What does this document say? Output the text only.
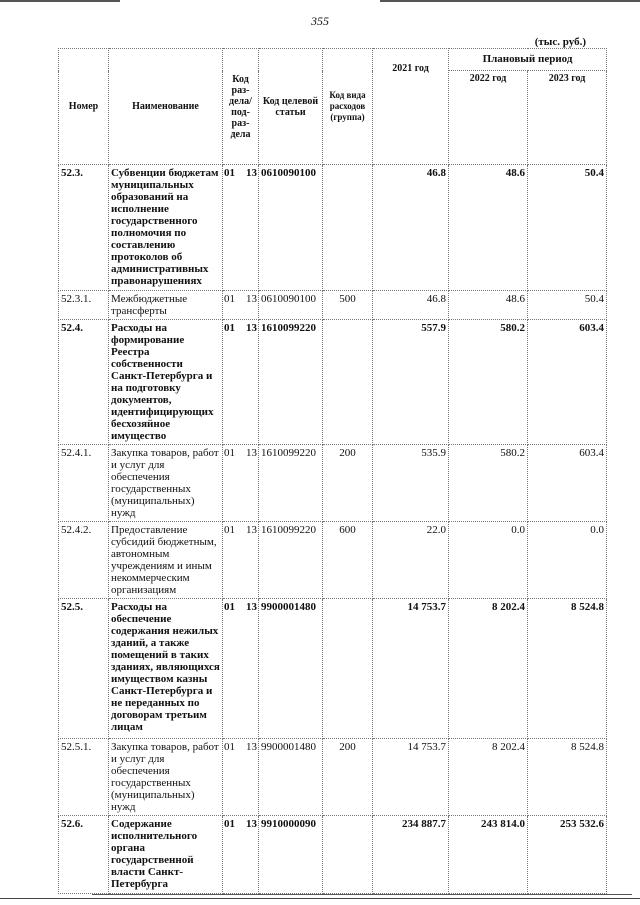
355
(тыс. руб.)
Номер	Наименование	Код раз-дела/ под-раз-дела	Код целевой статьи	Код вида расходов (группа)	2021 год	Плановый период	
						2022 год	2023 год
52.3.	Субвенции бюджетам муниципальных образований на исполнение государственного полномочия по составлению протоколов об административных правонарушениях	01 13	0610090100		46.8	48.6	50.4
52.3.1.	Межбюджетные трансферты	01 13	0610090100	500	46.8	48.6	50.4
52.4.	Расходы на формирование Реестра собственности Санкт-Петербурга и на подготовку документов, идентифицирующих бесхозяйное имущество	01 13	1610099220		557.9	580.2	603.4
52.4.1.	Закупка товаров, работ и услуг для обеспечения государственных (муниципальных) нужд	01 13	1610099220	200	535.9	580.2	603.4
52.4.2.	Предоставление субсидий бюджетным, автономным учреждениям и иным некоммерческим организациям	01 13	1610099220	600	22.0	0.0	0.0
52.5.	Расходы на обеспечение содержания нежилых зданий, а также помещений в таких зданиях, являющихся имуществом казны Санкт-Петербурга и не переданных по договорам третьим лицам	01 13	9900001480		14 753.7	8 202.4	8 524.8
52.5.1.	Закупка товаров, работ и услуг для обеспечения государственных (муниципальных) нужд	01 13	9900001480	200	14 753.7	8 202.4	8 524.8
52.6.	Содержание исполнительного органа государственной власти Санкт-Петербурга	01 13	9910000090		234 887.7	243 814.0	253 532.6
